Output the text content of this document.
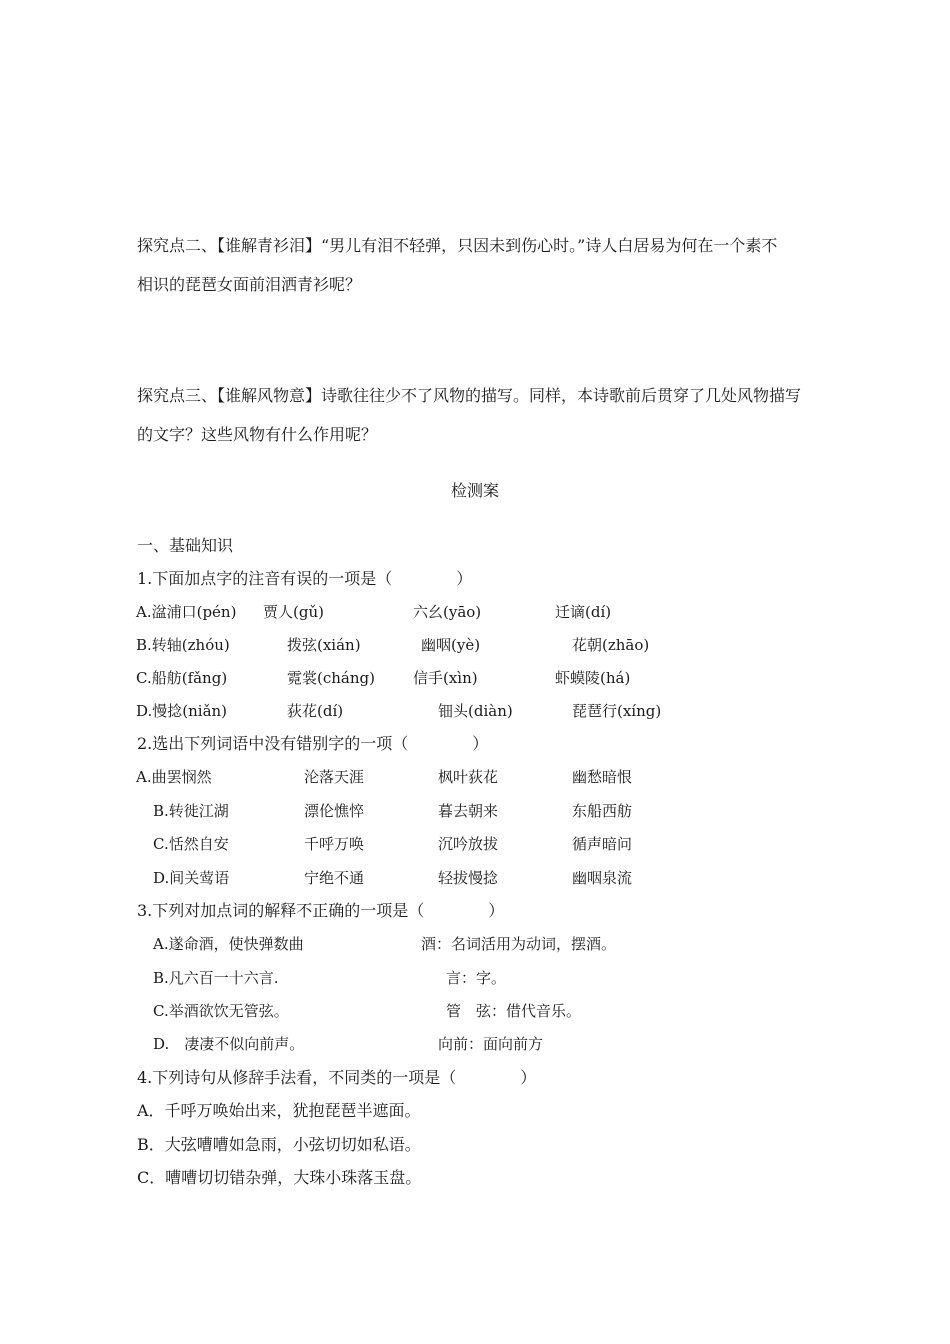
探究点二、【谁解青衫泪】“男儿有泪不轻弹，只因未到伤心时。”诗人白居易为何在一个素不
相识的琵琶女面前泪洒青衫呢？
探究点三、【谁解风物意】诗歌往往少不了风物的描写。同样，本诗歌前后贯穿了几处风物描写
的文字？这些风物有什么作用呢？
检测案
一、基础知识
1.下面加点字的注音有误的一项是（　　　　）
A.湓浦口(pén) 贾人(gǔ)	六幺(yāo)	迁谪(dí)
B.转轴(zhóu)	拨弦(xián)	幽咽(yè)	花朝(zhāo)
C.船舫(fǎng)	霓裳(cháng)	信手(xìn)	虾蟆陵(há)
D.慢捻(niǎn)	荻花(dí)	钿头(diàn)	琵琶行(xíng)
2.选出下列词语中没有错别字的一项（　　　　）
A.曲罢悯然	沦落天涯	枫叶荻花	幽愁暗恨
B.转徙江湖	漂伦憔悴	暮去朝来	东船西舫
C.恬然自安	千呼万唤	沉吟放拔	循声暗问
D.间关莺语	宁绝不通	轻拔慢捻	幽咽泉流
3.下列对加点词的解释不正确的一项是（　　　　）
A.遂命酒，使快弹数曲	酒：名词活用为动词，摆酒。
B.凡六百一十六言.	言：字。
C.举酒欲饮无管弦。	管　弦：借代音乐。
D.　凄凄不似向前声。	向前：面向前方
4.下列诗句从修辞手法看，不同类的一项是（　　　　）
A．千呼万唤始出来，犹抱琵琶半遮面。
B．大弦嘈嘈如急雨，小弦切切如私语。
C．嘈嘈切切错杂弹，大珠小珠落玉盘。
